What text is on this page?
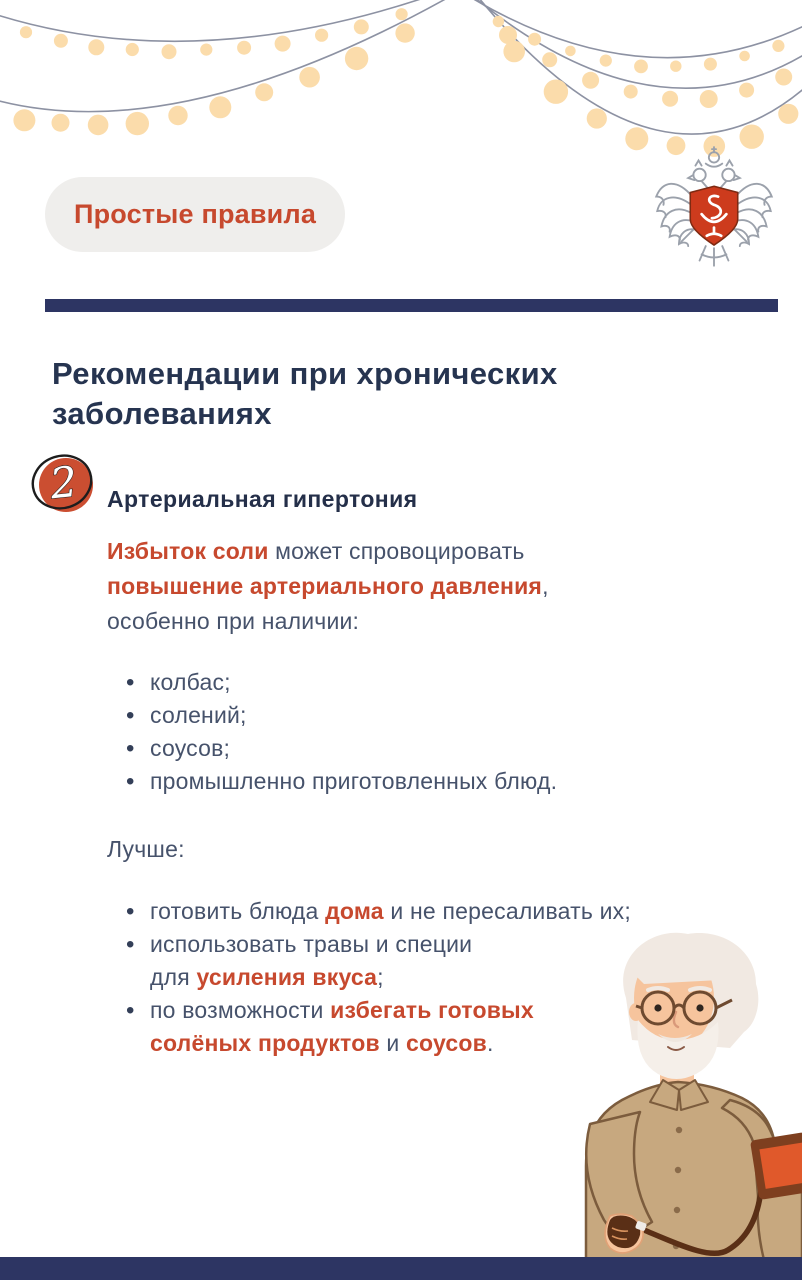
Простые правила
Рекомендации при хронических заболеваниях
2 Артериальная гипертония
Избыток соли может спровоцировать
повышение артериального давления,
особенно при наличии:
• колбас;
• солений;
• соусов;
• промышленно приготовленных блюд.
Лучше:
• готовить блюда дома и не пересаливать их;
• использовать травы и специи
для усиления вкуса;
• по возможности избегать готовых
солёных продуктов и соусов.
